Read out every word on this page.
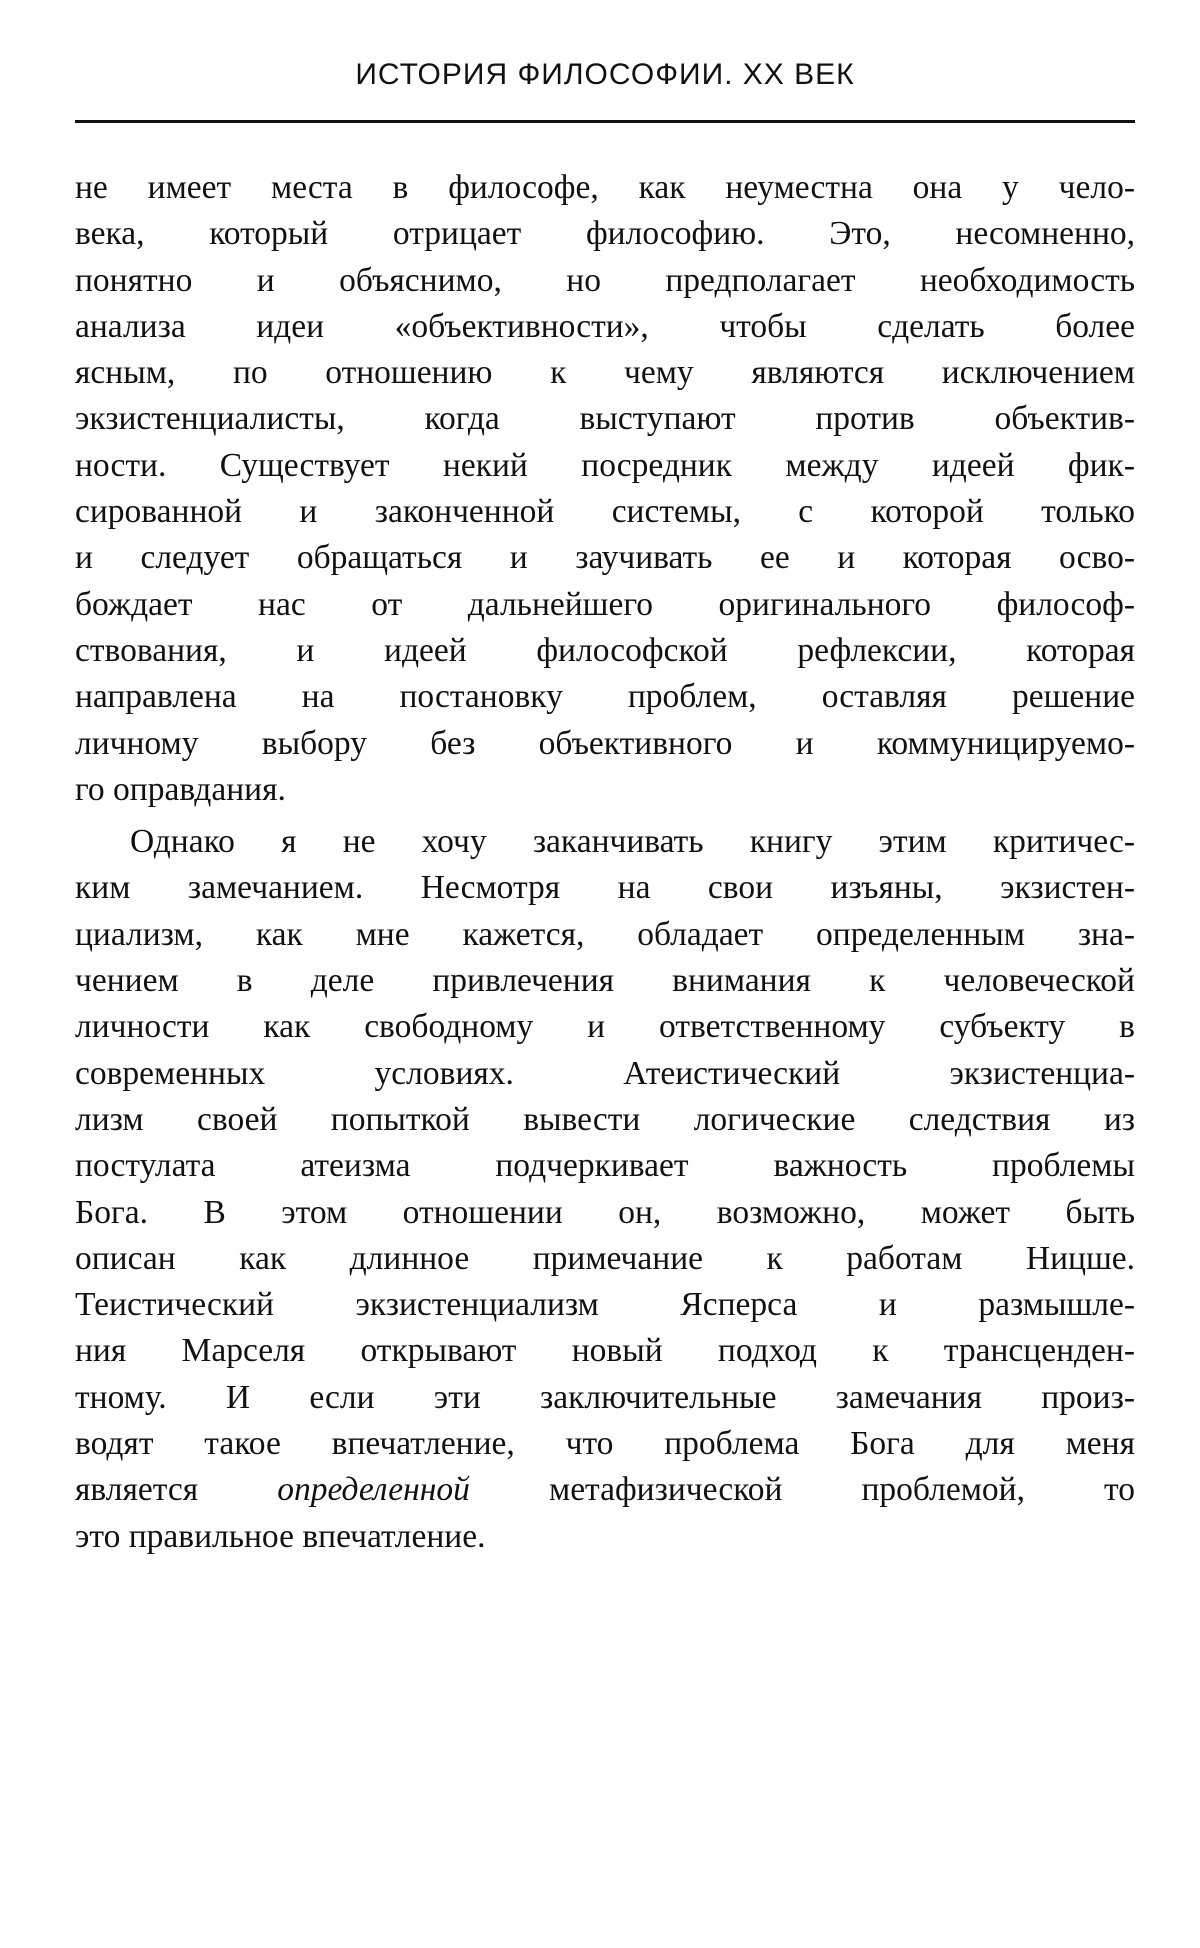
ИСТОРИЯ ФИЛОСОФИИ. XX ВЕК

не имеет места в философе, как неуместна она у чело-
века, который отрицает философию. Это, несомненно,
понятно и объяснимо, но предполагает необходимость
анализа идеи «объективности», чтобы сделать более
ясным, по отношению к чему являются исключением
экзистенциалисты, когда выступают против объектив-
ности. Существует некий посредник между идеей фик-
сированной и законченной системы, с которой только
и следует обращаться и заучивать ее и которая осво-
бождает нас от дальнейшего оригинального философ-
ствования, и идеей философской рефлексии, которая
направлена на постановку проблем, оставляя решение
личному выбору без объективного и коммуницируемо-
го оправдания.

Однако я не хочу заканчивать книгу этим критичес-
ким замечанием. Несмотря на свои изъяны, экзистен-
циализм, как мне кажется, обладает определенным зна-
чением в деле привлечения внимания к человеческой
личности как свободному и ответственному субъекту в
современных условиях. Атеистический экзистенциа-
лизм своей попыткой вывести логические следствия из
постулата атеизма подчеркивает важность проблемы
Бога. В этом отношении он, возможно, может быть
описан как длинное примечание к работам Ницше.
Теистический экзистенциализм Ясперса и размышле-
ния Марселя открывают новый подход к трансценден-
тному. И если эти заключительные замечания произ-
водят такое впечатление, что проблема Бога для меня
является определенной метафизической проблемой, то
это правильное впечатление.
